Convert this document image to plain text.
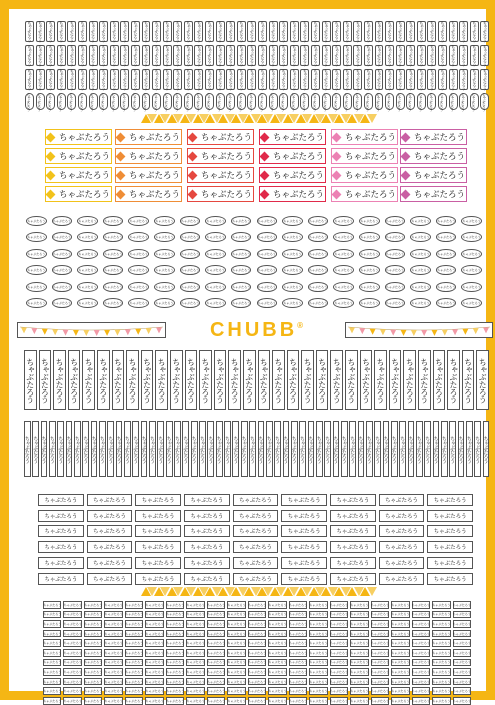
ちゃぶたろう ちゃぶたろう ちゃぶたろう ちゃぶたろう ちゃぶたろう ちゃぶたろう ちゃぶたろう ちゃぶたろう ちゃぶたろう ちゃぶたろう ちゃぶたろう ちゃぶたろう ちゃぶたろう ちゃぶたろう ちゃぶたろう ちゃぶたろう ちゃぶたろう ちゃぶたろう ちゃぶたろう ちゃぶたろう ちゃぶたろう ちゃぶたろう ちゃぶたろう ちゃぶたろう ちゃぶたろう ちゃぶたろう ちゃぶたろう ちゃぶたろう ちゃぶたろう ちゃぶたろう ちゃぶたろう ちゃぶたろう ちゃぶたろう ちゃぶたろう ちゃぶたろう ちゃぶたろう ちゃぶたろう ちゃぶたろう ちゃぶたろう ちゃぶたろう ちゃぶたろう ちゃぶたろう ちゃぶたろう ちゃぶたろう
ちゃぶたろう ちゃぶたろう ちゃぶたろう ちゃぶたろう ちゃぶたろう ちゃぶたろう ちゃぶたろう ちゃぶたろう ちゃぶたろう ちゃぶたろう ちゃぶたろう ちゃぶたろう ちゃぶたろう ちゃぶたろう ちゃぶたろう ちゃぶたろう ちゃぶたろう ちゃぶたろう ちゃぶたろう ちゃぶたろう ちゃぶたろう ちゃぶたろう ちゃぶたろう ちゃぶたろう ちゃぶたろう ちゃぶたろう ちゃぶたろう ちゃぶたろう ちゃぶたろう ちゃぶたろう ちゃぶたろう ちゃぶたろう ちゃぶたろう ちゃぶたろう ちゃぶたろう ちゃぶたろう ちゃぶたろう ちゃぶたろう ちゃぶたろう ちゃぶたろう ちゃぶたろう ちゃぶたろう ちゃぶたろう ちゃぶたろう
ちゃぶたろう ちゃぶたろう ちゃぶたろう ちゃぶたろう ちゃぶたろう ちゃぶたろう ちゃぶたろう ちゃぶたろう ちゃぶたろう ちゃぶたろう ちゃぶたろう ちゃぶたろう ちゃぶたろう ちゃぶたろう ちゃぶたろう ちゃぶたろう ちゃぶたろう ちゃぶたろう ちゃぶたろう ちゃぶたろう ちゃぶたろう ちゃぶたろう ちゃぶたろう ちゃぶたろう ちゃぶたろう ちゃぶたろう ちゃぶたろう ちゃぶたろう ちゃぶたろう ちゃぶたろう ちゃぶたろう ちゃぶたろう ちゃぶたろう ちゃぶたろう ちゃぶたろう ちゃぶたろう ちゃぶたろう ちゃぶたろう ちゃぶたろう ちゃぶたろう ちゃぶたろう ちゃぶたろう ちゃぶたろう ちゃぶたろう
ちゃぶたろう ちゃぶたろう ちゃぶたろう ちゃぶたろう ちゃぶたろう ちゃぶたろう ちゃぶたろう ちゃぶたろう ちゃぶたろう ちゃぶたろう ちゃぶたろう ちゃぶたろう ちゃぶたろう ちゃぶたろう ちゃぶたろう ちゃぶたろう ちゃぶたろう ちゃぶたろう ちゃぶたろう ちゃぶたろう ちゃぶたろう ちゃぶたろう ちゃぶたろう ちゃぶたろう ちゃぶたろう ちゃぶたろう ちゃぶたろう ちゃぶたろう ちゃぶたろう ちゃぶたろう ちゃぶたろう ちゃぶたろう ちゃぶたろう ちゃぶたろう ちゃぶたろう ちゃぶたろう ちゃぶたろう ちゃぶたろう ちゃぶたろう ちゃぶたろう ちゃぶたろう ちゃぶたろう ちゃぶたろう ちゃぶたろう
ちゃぶたろう ちゃぶたろう ちゃぶたろう ちゃぶたろう ちゃぶたろう ちゃぶたろう
ちゃぶたろう ちゃぶたろう ちゃぶたろう ちゃぶたろう ちゃぶたろう ちゃぶたろう
ちゃぶたろう ちゃぶたろう ちゃぶたろう ちゃぶたろう ちゃぶたろう ちゃぶたろう
ちゃぶたろう ちゃぶたろう ちゃぶたろう ちゃぶたろう ちゃぶたろう ちゃぶたろう
ちゃぶたろう	ちゃぶたろう	ちゃぶたろう	ちゃぶたろう	ちゃぶたろう	ちゃぶたろう	ちゃぶたろう	ちゃぶたろう	ちゃぶたろう	ちゃぶたろう	ちゃぶたろう	ちゃぶたろう	ちゃぶたろう	ちゃぶたろう	ちゃぶたろう	ちゃぶたろう	ちゃぶたろう	ちゃぶたろう
ちゃぶたろう	ちゃぶたろう	ちゃぶたろう	ちゃぶたろう	ちゃぶたろう	ちゃぶたろう	ちゃぶたろう	ちゃぶたろう	ちゃぶたろう	ちゃぶたろう	ちゃぶたろう	ちゃぶたろう	ちゃぶたろう	ちゃぶたろう	ちゃぶたろう	ちゃぶたろう	ちゃぶたろう	ちゃぶたろう
ちゃぶたろう	ちゃぶたろう	ちゃぶたろう	ちゃぶたろう	ちゃぶたろう	ちゃぶたろう	ちゃぶたろう	ちゃぶたろう	ちゃぶたろう	ちゃぶたろう	ちゃぶたろう	ちゃぶたろう	ちゃぶたろう	ちゃぶたろう	ちゃぶたろう	ちゃぶたろう	ちゃぶたろう	ちゃぶたろう
ちゃぶたろう	ちゃぶたろう	ちゃぶたろう	ちゃぶたろう	ちゃぶたろう	ちゃぶたろう	ちゃぶたろう	ちゃぶたろう	ちゃぶたろう	ちゃぶたろう	ちゃぶたろう	ちゃぶたろう	ちゃぶたろう	ちゃぶたろう	ちゃぶたろう	ちゃぶたろう	ちゃぶたろう	ちゃぶたろう
ちゃぶたろう	ちゃぶたろう	ちゃぶたろう	ちゃぶたろう	ちゃぶたろう	ちゃぶたろう	ちゃぶたろう	ちゃぶたろう	ちゃぶたろう	ちゃぶたろう	ちゃぶたろう	ちゃぶたろう	ちゃぶたろう	ちゃぶたろう	ちゃぶたろう	ちゃぶたろう	ちゃぶたろう	ちゃぶたろう
ちゃぶたろう	ちゃぶたろう	ちゃぶたろう	ちゃぶたろう	ちゃぶたろう	ちゃぶたろう	ちゃぶたろう	ちゃぶたろう	ちゃぶたろう	ちゃぶたろう	ちゃぶたろう	ちゃぶたろう	ちゃぶたろう	ちゃぶたろう	ちゃぶたろう	ちゃぶたろう	ちゃぶたろう	ちゃぶたろう
CHUBB ®
ちゃぶたろう ちゃぶたろう ちゃぶたろう ちゃぶたろう ちゃぶたろう ちゃぶたろう ちゃぶたろう ちゃぶたろう ちゃぶたろう ちゃぶたろう ちゃぶたろう ちゃぶたろう ちゃぶたろう ちゃぶたろう ちゃぶたろう ちゃぶたろう ちゃぶたろう ちゃぶたろう ちゃぶたろう ちゃぶたろう ちゃぶたろう ちゃぶたろう ちゃぶたろう ちゃぶたろう ちゃぶたろう ちゃぶたろう ちゃぶたろう ちゃぶたろう ちゃぶたろう ちゃぶたろう ちゃぶたろう ちゃぶたろう
ちゃぶたろう ちゃぶたろう ちゃぶたろう ちゃぶたろう ちゃぶたろう ちゃぶたろう ちゃぶたろう ちゃぶたろう ちゃぶたろう ちゃぶたろう ちゃぶたろう ちゃぶたろう ちゃぶたろう ちゃぶたろう ちゃぶたろう ちゃぶたろう ちゃぶたろう ちゃぶたろう ちゃぶたろう ちゃぶたろう ちゃぶたろう ちゃぶたろう ちゃぶたろう ちゃぶたろう ちゃぶたろう ちゃぶたろう ちゃぶたろう ちゃぶたろう ちゃぶたろう ちゃぶたろう ちゃぶたろう ちゃぶたろう ちゃぶたろう ちゃぶたろう ちゃぶたろう ちゃぶたろう ちゃぶたろう ちゃぶたろう ちゃぶたろう ちゃぶたろう ちゃぶたろう ちゃぶたろう ちゃぶたろう ちゃぶたろう ちゃぶたろう ちゃぶたろう ちゃぶたろう ちゃぶたろう ちゃぶたろう ちゃぶたろう ちゃぶたろう ちゃぶたろう ちゃぶたろう ちゃぶたろう ちゃぶたろう ちゃぶたろう
ちゃぶたろう	ちゃぶたろう	ちゃぶたろう	ちゃぶたろう	ちゃぶたろう	ちゃぶたろう	ちゃぶたろう	ちゃぶたろう	ちゃぶたろう
ちゃぶたろう	ちゃぶたろう	ちゃぶたろう	ちゃぶたろう	ちゃぶたろう	ちゃぶたろう	ちゃぶたろう	ちゃぶたろう	ちゃぶたろう
ちゃぶたろう	ちゃぶたろう	ちゃぶたろう	ちゃぶたろう	ちゃぶたろう	ちゃぶたろう	ちゃぶたろう	ちゃぶたろう	ちゃぶたろう
ちゃぶたろう	ちゃぶたろう	ちゃぶたろう	ちゃぶたろう	ちゃぶたろう	ちゃぶたろう	ちゃぶたろう	ちゃぶたろう	ちゃぶたろう
ちゃぶたろう	ちゃぶたろう	ちゃぶたろう	ちゃぶたろう	ちゃぶたろう	ちゃぶたろう	ちゃぶたろう	ちゃぶたろう	ちゃぶたろう
ちゃぶたろう	ちゃぶたろう	ちゃぶたろう	ちゃぶたろう	ちゃぶたろう	ちゃぶたろう	ちゃぶたろう	ちゃぶたろう	ちゃぶたろう
ちゃぶたろう ちゃぶたろう ちゃぶたろう ちゃぶたろう ちゃぶたろう ちゃぶたろう ちゃぶたろう ちゃぶたろう ちゃぶたろう ちゃぶたろう ちゃぶたろう ちゃぶたろう ちゃぶたろう ちゃぶたろう ちゃぶたろう ちゃぶたろう ちゃぶたろう ちゃぶたろう ちゃぶたろう ちゃぶたろう ちゃぶたろう
ちゃぶたろう ちゃぶたろう ちゃぶたろう ちゃぶたろう ちゃぶたろう ちゃぶたろう ちゃぶたろう ちゃぶたろう ちゃぶたろう ちゃぶたろう ちゃぶたろう ちゃぶたろう ちゃぶたろう ちゃぶたろう ちゃぶたろう ちゃぶたろう ちゃぶたろう ちゃぶたろう ちゃぶたろう ちゃぶたろう ちゃぶたろう
ちゃぶたろう ちゃぶたろう ちゃぶたろう ちゃぶたろう ちゃぶたろう ちゃぶたろう ちゃぶたろう ちゃぶたろう ちゃぶたろう ちゃぶたろう ちゃぶたろう ちゃぶたろう ちゃぶたろう ちゃぶたろう ちゃぶたろう ちゃぶたろう ちゃぶたろう ちゃぶたろう ちゃぶたろう ちゃぶたろう ちゃぶたろう
ちゃぶたろう ちゃぶたろう ちゃぶたろう ちゃぶたろう ちゃぶたろう ちゃぶたろう ちゃぶたろう ちゃぶたろう ちゃぶたろう ちゃぶたろう ちゃぶたろう ちゃぶたろう ちゃぶたろう ちゃぶたろう ちゃぶたろう ちゃぶたろう ちゃぶたろう ちゃぶたろう ちゃぶたろう ちゃぶたろう ちゃぶたろう
ちゃぶたろう ちゃぶたろう ちゃぶたろう ちゃぶたろう ちゃぶたろう ちゃぶたろう ちゃぶたろう ちゃぶたろう ちゃぶたろう ちゃぶたろう ちゃぶたろう ちゃぶたろう ちゃぶたろう ちゃぶたろう ちゃぶたろう ちゃぶたろう ちゃぶたろう ちゃぶたろう ちゃぶたろう ちゃぶたろう ちゃぶたろう
ちゃぶたろう ちゃぶたろう ちゃぶたろう ちゃぶたろう ちゃぶたろう ちゃぶたろう ちゃぶたろう ちゃぶたろう ちゃぶたろう ちゃぶたろう ちゃぶたろう ちゃぶたろう ちゃぶたろう ちゃぶたろう ちゃぶたろう ちゃぶたろう ちゃぶたろう ちゃぶたろう ちゃぶたろう ちゃぶたろう ちゃぶたろう
ちゃぶたろう ちゃぶたろう ちゃぶたろう ちゃぶたろう ちゃぶたろう ちゃぶたろう ちゃぶたろう ちゃぶたろう ちゃぶたろう ちゃぶたろう ちゃぶたろう ちゃぶたろう ちゃぶたろう ちゃぶたろう ちゃぶたろう ちゃぶたろう ちゃぶたろう ちゃぶたろう ちゃぶたろう ちゃぶたろう ちゃぶたろう
ちゃぶたろう ちゃぶたろう ちゃぶたろう ちゃぶたろう ちゃぶたろう ちゃぶたろう ちゃぶたろう ちゃぶたろう ちゃぶたろう ちゃぶたろう ちゃぶたろう ちゃぶたろう ちゃぶたろう ちゃぶたろう ちゃぶたろう ちゃぶたろう ちゃぶたろう ちゃぶたろう ちゃぶたろう ちゃぶたろう ちゃぶたろう
ちゃぶたろう ちゃぶたろう ちゃぶたろう ちゃぶたろう ちゃぶたろう ちゃぶたろう ちゃぶたろう ちゃぶたろう ちゃぶたろう ちゃぶたろう ちゃぶたろう ちゃぶたろう ちゃぶたろう ちゃぶたろう ちゃぶたろう ちゃぶたろう ちゃぶたろう ちゃぶたろう ちゃぶたろう ちゃぶたろう ちゃぶたろう
ちゃぶたろう ちゃぶたろう ちゃぶたろう ちゃぶたろう ちゃぶたろう ちゃぶたろう ちゃぶたろう ちゃぶたろう ちゃぶたろう ちゃぶたろう ちゃぶたろう ちゃぶたろう ちゃぶたろう ちゃぶたろう ちゃぶたろう ちゃぶたろう ちゃぶたろう ちゃぶたろう ちゃぶたろう ちゃぶたろう ちゃぶたろう
ちゃぶたろう ちゃぶたろう ちゃぶたろう ちゃぶたろう ちゃぶたろう ちゃぶたろう ちゃぶたろう ちゃぶたろう ちゃぶたろう ちゃぶたろう ちゃぶたろう ちゃぶたろう ちゃぶたろう ちゃぶたろう ちゃぶたろう ちゃぶたろう ちゃぶたろう ちゃぶたろう ちゃぶたろう ちゃぶたろう ちゃぶたろう
